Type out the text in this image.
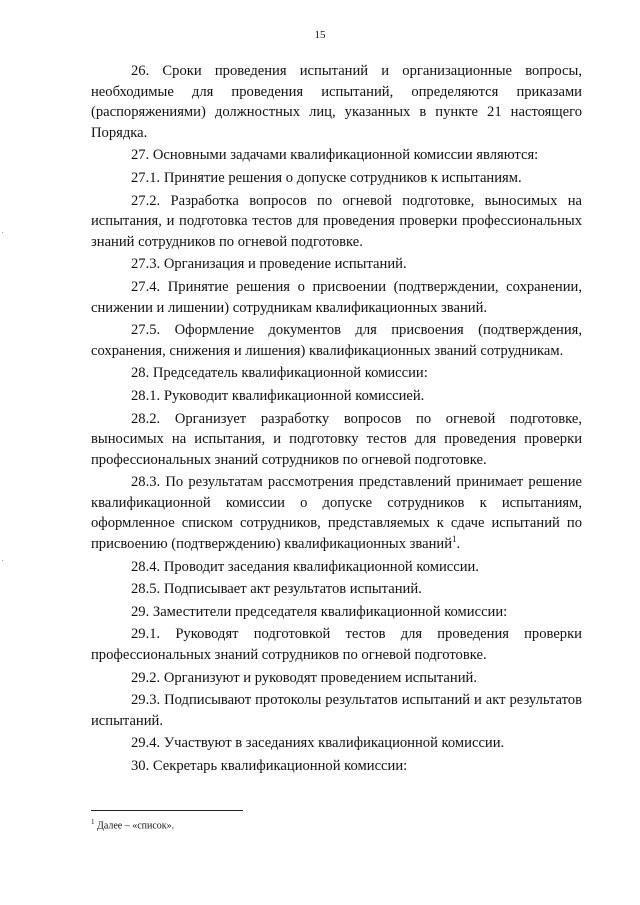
15

26. Сроки проведения испытаний и организационные вопросы, необходимые для проведения испытаний, определяются приказами (распоряжениями) должностных лиц, указанных в пункте 21 настоящего Порядка.

27. Основными задачами квалификационной комиссии являются:

27.1. Принятие решения о допуске сотрудников к испытаниям.

27.2. Разработка вопросов по огневой подготовке, выносимых на испытания, и подготовка тестов для проведения проверки профессиональных знаний сотрудников по огневой подготовке.

27.3. Организация и проведение испытаний.

27.4. Принятие решения о присвоении (подтверждении, сохранении, снижении и лишении) сотрудникам квалификационных званий.

27.5. Оформление документов для присвоения (подтверждения, сохранения, снижения и лишения) квалификационных званий сотрудникам.

28. Председатель квалификационной комиссии:

28.1. Руководит квалификационной комиссией.

28.2. Организует разработку вопросов по огневой подготовке, выносимых на испытания, и подготовку тестов для проведения проверки профессиональных знаний сотрудников по огневой подготовке.

28.3. По результатам рассмотрения представлений принимает решение квалификационной комиссии о допуске сотрудников к испытаниям, оформленное списком сотрудников, представляемых к сдаче испытаний по присвоению (подтверждению) квалификационных званий$^1$.

28.4. Проводит заседания квалификационной комиссии.

28.5. Подписывает акт результатов испытаний.

29. Заместители председателя квалификационной комиссии:

29.1. Руководят подготовкой тестов для проведения проверки профессиональных знаний сотрудников по огневой подготовке.

29.2. Организуют и руководят проведением испытаний.

29.3. Подписывают протоколы результатов испытаний и акт результатов испытаний.

29.4. Участвуют в заседаниях квалификационной комиссии.

30. Секретарь квалификационной комиссии:

$^1$ Далее – «список».
